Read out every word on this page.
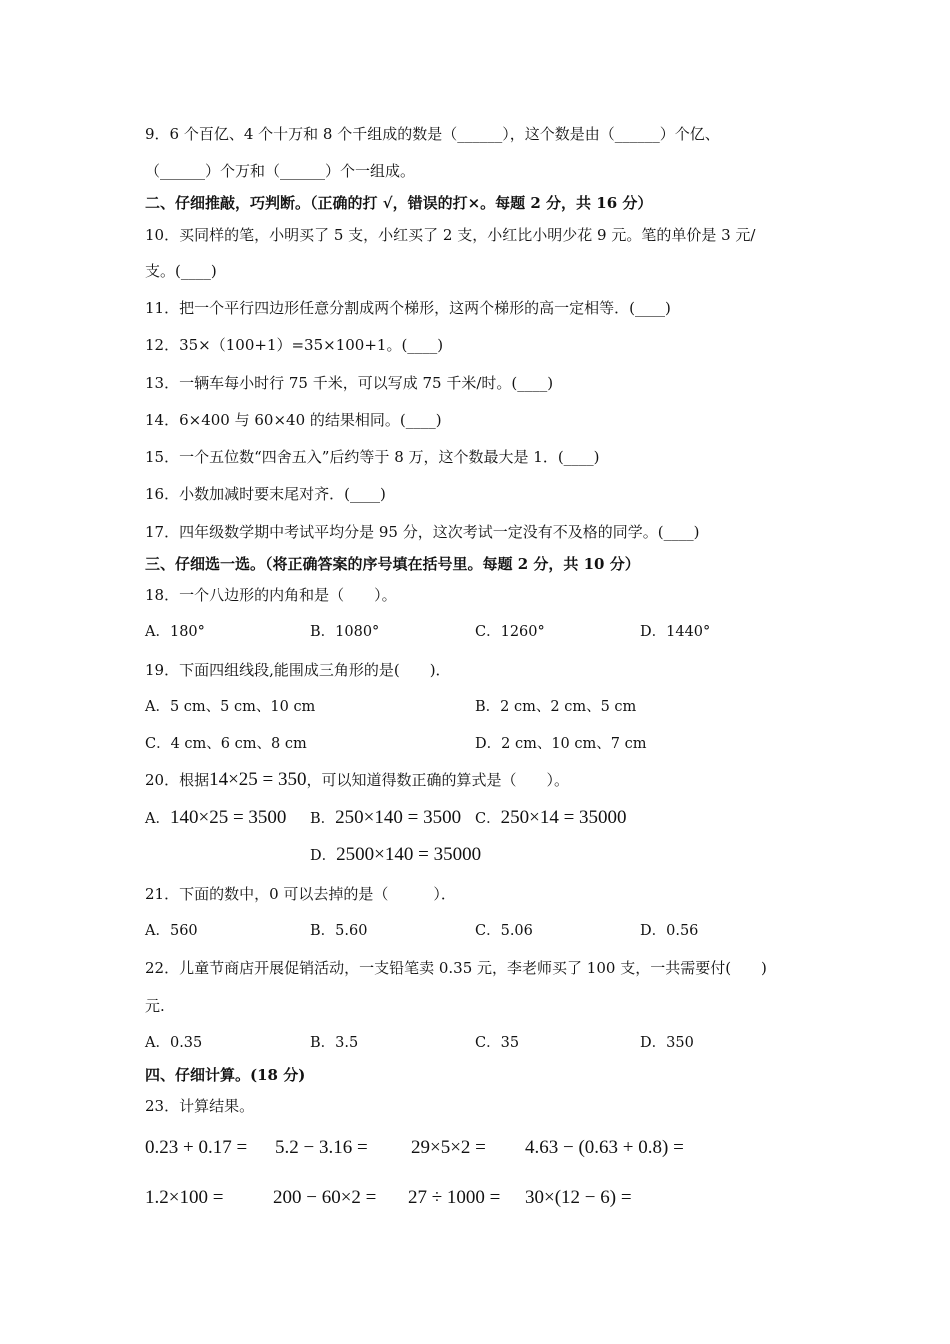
9．6 个百亿、4 个十万和 8 个千组成的数是（______），这个数是由（______）个亿、
（______）个万和（______）个一组成。
二、仔细推敲，巧判断。（正确的打 √，错误的打×。每题 2 分，共 16 分）
10．买同样的笔，小明买了 5 支，小红买了 2 支，小红比小明少花 9 元。笔的单价是 3 元/
支。(____)
11．把一个平行四边形任意分割成两个梯形，这两个梯形的高一定相等．(____)
12．35×（100+1）=35×100+1。(____)
13．一辆车每小时行 75 千米，可以写成 75 千米/时。(____)
14．6×400 与 60×40 的结果相同。(____)
15．一个五位数“四舍五入”后约等于 8 万，这个数最大是 1．(____)
16．小数加减时要末尾对齐．(____)
17．四年级数学期中考试平均分是 95 分，这次考试一定没有不及格的同学。(____)
三、仔细选一选。（将正确答案的序号填在括号里。每题 2 分，共 10 分）
18．一个八边形的内角和是（　　）。
A．180°	B．1080°	C．1260°	D．1440°
19．下面四组线段,能围成三角形的是(　　)．
A．5 cm、5 cm、10 cm	B．2 cm、2 cm、5 cm
C．4 cm、6 cm、8 cm	D．2 cm、10 cm、7 cm
20．根据14×25 = 350，可以知道得数正确的算式是（　　）。
A．140×25 = 3500 B．250×140 = 3500 C．250×14 = 35000
D．2500×140 = 35000
21．下面的数中，0 可以去掉的是（　　　）．
A．560	B．5.60	C．5.06	D．0.56
22．儿童节商店开展促销活动，一支铅笔卖 0.35 元，李老师买了 100 支，一共需要付(　　)
元.
A．0.35	B．3.5	C．35	D．350
四、仔细计算。(18 分)
23．计算结果。
0.23 + 0.17 = 5.2 − 3.16 = 29×5×2 = 4.63 − (0.63 + 0.8) =
1.2×100 =	200 − 60×2 = 27 ÷ 1000 = 30×(12 − 6) =
